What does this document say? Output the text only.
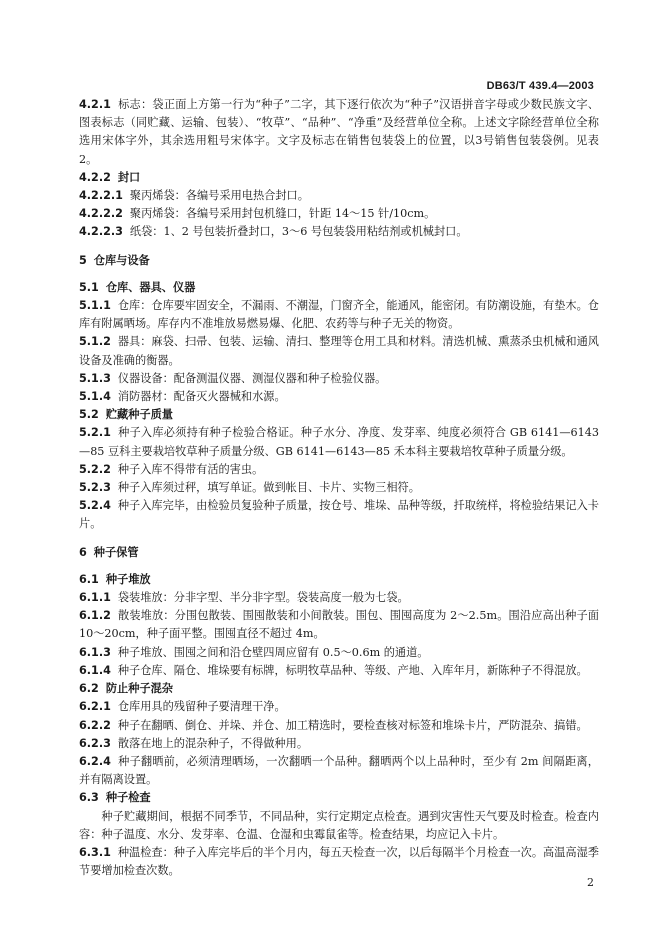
DB63/T 439.4—2003

4.2.1 标志：袋正面上方第一行为“种子”二字，其下逐行依次为“种子”汉语拼音字母或少数民族文字、图表标志（同贮藏、运输、包装）、“牧草”、“品种”、“净重”及经营单位全称。上述文字除经营单位全称选用宋体字外，其余选用粗号宋体字。文字及标志在销售包装袋上的位置，以3号销售包装袋例。见表 2。

4.2.2 封口

4.2.2.1 聚丙烯袋：各编号采用电热合封口。

4.2.2.2 聚丙烯袋：各编号采用封包机缝口，针距 14～15 针/10cm。

4.2.2.3 纸袋：1、2 号包装折叠封口，3～6 号包装袋用粘结剂或机械封口。

5 仓库与设备

5.1 仓库、器具、仪器

5.1.1 仓库：仓库要牢固安全，不漏雨、不潮湿，门窗齐全，能通风，能密闭。有防潮设施，有垫木。仓库有附属晒场。库存内不准堆放易燃易爆、化肥、农药等与种子无关的物资。

5.1.2 器具：麻袋、扫帚、包装、运输、清扫、整理等仓用工具和材料。清选机械、熏蒸杀虫机械和通风设备及准确的衡器。

5.1.3 仪器设备：配备测温仪器、测湿仪器和种子检验仪器。

5.1.4 消防器材：配备灭火器械和水源。

5.2 贮藏种子质量

5.2.1 种子入库必须持有种子检验合格证。种子水分、净度、发芽率、纯度必须符合 GB 6141—6143—85 豆科主要栽培牧草种子质量分级、GB 6141—6143—85 禾本科主要栽培牧草种子质量分级。

5.2.2 种子入库不得带有活的害虫。

5.2.3 种子入库须过秤，填写单证。做到帐目、卡片、实物三相符。

5.2.4 种子入库完毕，由检验员复验种子质量，按仓号、堆垛、品种等级，扦取统样，将检验结果记入卡片。

6 种子保管

6.1 种子堆放

6.1.1 袋装堆放：分非字型、半分非字型。袋装高度一般为七袋。

6.1.2 散装堆放：分围包散装、围囤散装和小间散装。围包、围囤高度为 2～2.5m。围沿应高出种子面 10～20cm，种子面平整。围囤直径不超过 4m。

6.1.3 种子堆放、围囤之间和沿仓壁四周应留有 0.5～0.6m 的通道。

6.1.4 种子仓库、隔仓、堆垛要有标牌，标明牧草品种、等级、产地、入库年月，新陈种子不得混放。

6.2 防止种子混杂

6.2.1 仓库用具的残留种子要清理干净。

6.2.2 种子在翻晒、倒仓、并垛、并仓、加工精选时，要检查核对标签和堆垛卡片，严防混杂、搞错。

6.2.3 散落在地上的混杂种子，不得做种用。

6.2.4 种子翻晒前，必须清理晒场，一次翻晒一个品种。翻晒两个以上品种时，至少有 2m 间隔距离，并有隔离设置。

6.3 种子检查

种子贮藏期间，根据不同季节，不同品种，实行定期定点检查。遇到灾害性天气要及时检查。检查内容：种子温度、水分、发芽率、仓温、仓湿和虫霉鼠雀等。检查结果，均应记入卡片。

6.3.1 种温检查：种子入库完毕后的半个月内，每五天检查一次，以后每隔半个月检查一次。高温高湿季节要增加检查次数。

2
